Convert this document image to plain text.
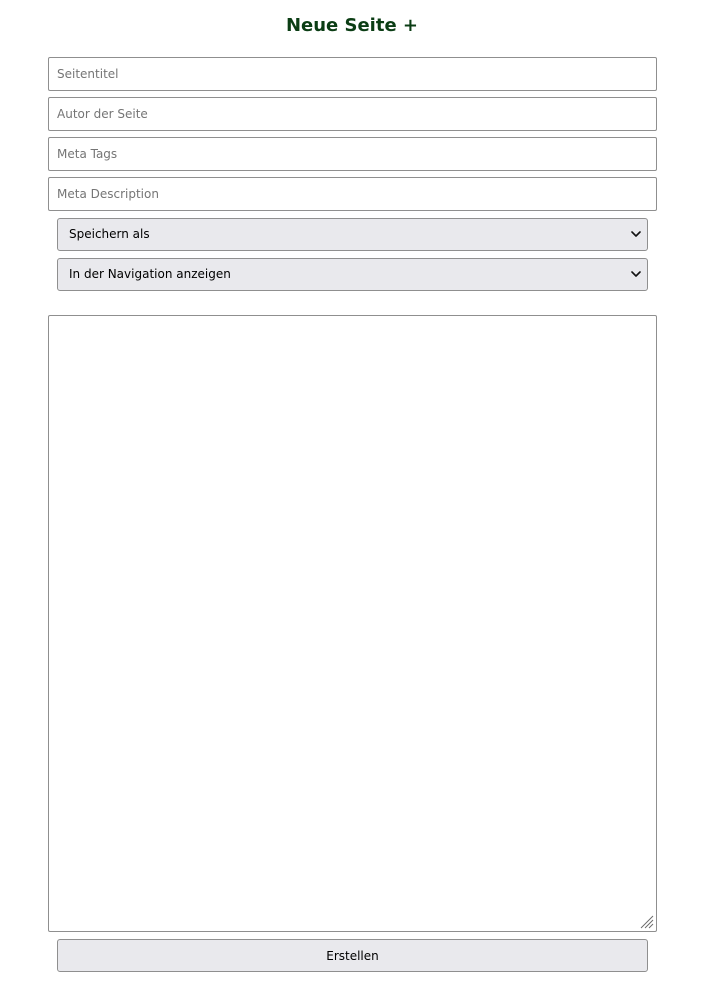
Neue Seite +
Seitentitel
Autor der Seite
Meta Tags
Meta Description
Speichern als
In der Navigation anzeigen
Erstellen
